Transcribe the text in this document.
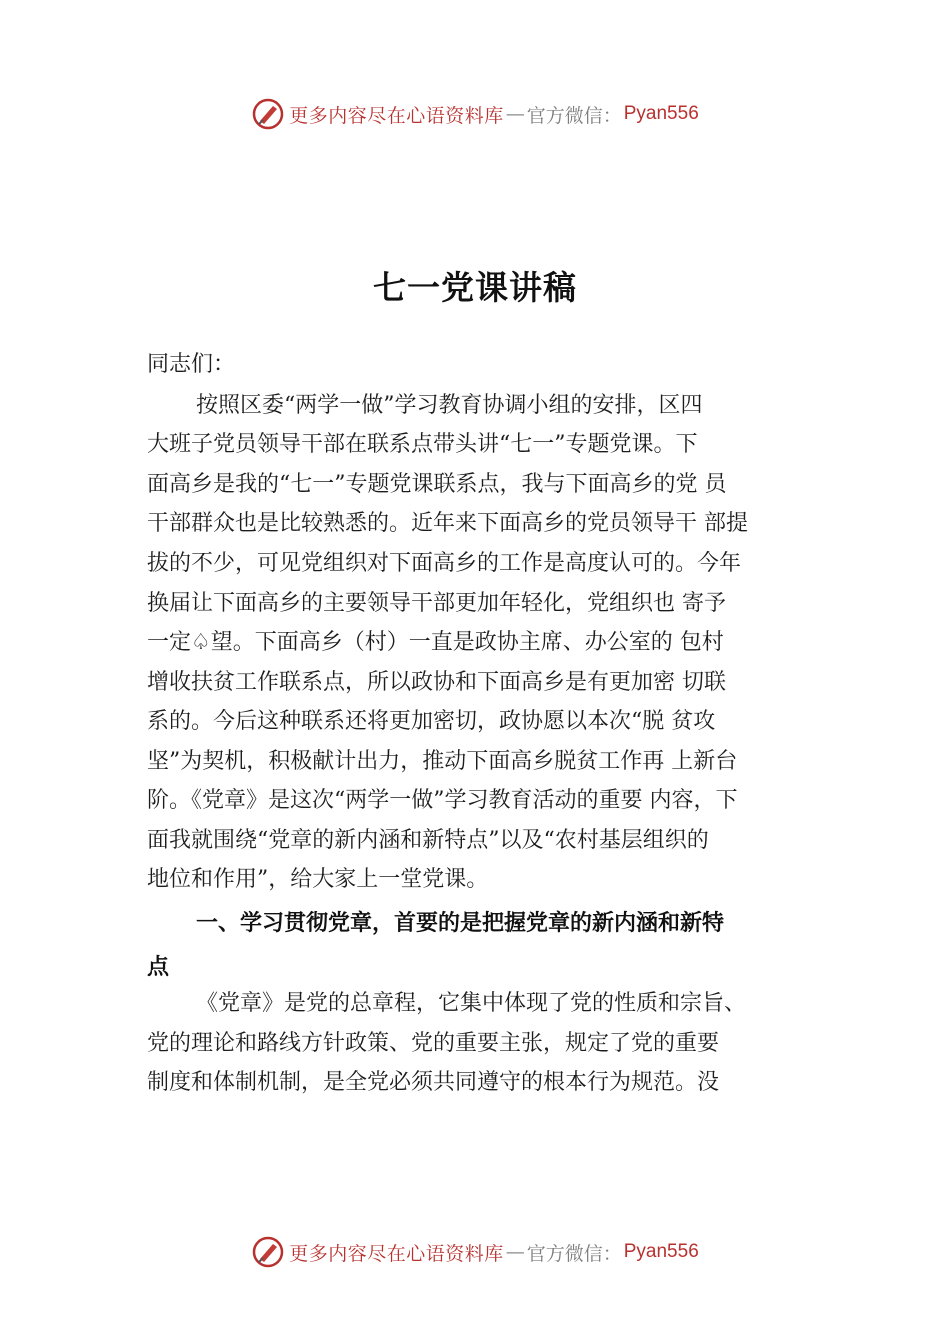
更多内容尽在心语资料库 — 官方微信： Pyan556
七一党课讲稿
同志们：
按照区委“两学一做”学习教育协调小组的安排，区四
大班子党员领导干部在联系点带头讲“七一”专题党课。下
面高乡是我的“七一”专题党课联系点，我与下面高乡的党 员
干部群众也是比较熟悉的。近年来下面高乡的党员领导干 部提
拔的不少，可见党组织对下面高乡的工作是高度认可的。今年
换届让下面高乡的主要领导干部更加年轻化，党组织也 寄予
一定♤望。下面高乡（村）一直是政协主席、办公室的 包村
增收扶贫工作联系点，所以政协和下面高乡是有更加密 切联
系的。今后这种联系还将更加密切，政协愿以本次“脱 贫攻
坚”为契机，积极献计出力，推动下面高乡脱贫工作再 上新台
阶。《党章》是这次“两学一做”学习教育活动的重要 内容，下
面我就围绕“党章的新内涵和新特点”以及“农村基层组织的
地位和作用”，给大家上一堂党课。
一、学习贯彻党章，首要的是把握党章的新内涵和新特
点
《党章》是党的总章程，它集中体现了党的性质和宗旨、
党的理论和路线方针政策、党的重要主张，规定了党的重要
制度和体制机制，是全党必须共同遵守的根本行为规范。没
更多内容尽在心语资料库 — 官方微信： Pyan556
